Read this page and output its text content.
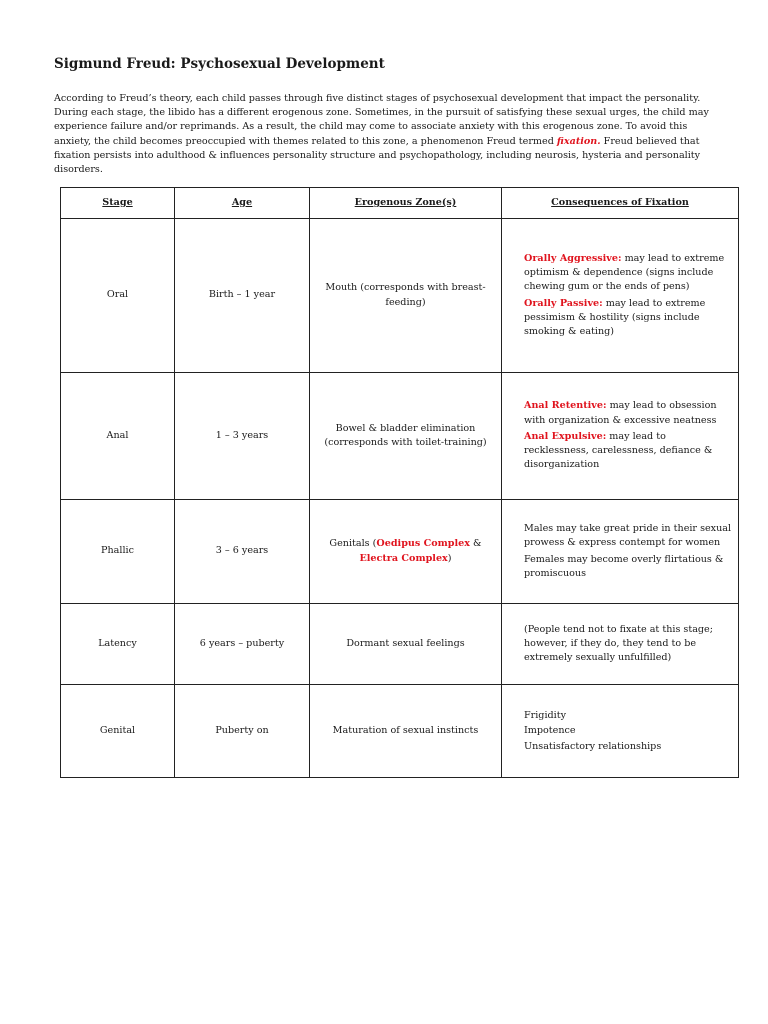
Sigmund Freud: Psychosexual Development

According to Freud’s theory, each child passes through five distinct stages of psychosexual development that impact the personality. During each stage, the libido has a different erogenous zone. Sometimes, in the pursuit of satisfying these sexual urges, the child may experience failure and/or reprimands. As a result, the child may come to associate anxiety with this erogenous zone. To avoid this anxiety, the child becomes preoccupied with themes related to this zone, a phenomenon Freud termed fixation. Freud believed that fixation persists into adulthood & influences personality structure and psychopathology, including neurosis, hysteria and personality disorders.

Stage	Age	Erogenous Zone(s)	Consequences of Fixation
Oral	Birth – 1 year	Mouth (corresponds with breast-feeding)	Orally Aggressive: may lead to extreme optimism & dependence (signs include chewing gum or the ends of pens)
Orally Passive: may lead to extreme pessimism & hostility (signs include smoking & eating)

Anal	1 – 3 years	Bowel & bladder elimination (corresponds with toilet-training)	Anal Retentive: may lead to obsession with organization & excessive neatness
Anal Expulsive: may lead to recklessness, carelessness, defiance & disorganization

Phallic	3 – 6 years	Genitals (Oedipus Complex & Electra Complex)	Males may take great pride in their sexual prowess & express contempt for women
Females may become overly flirtatious & promiscuous

Latency	6 years – puberty	Dormant sexual feelings	(People tend not to fixate at this stage; however, if they do, they tend to be extremely sexually unfulfilled)
Genital	Puberty on	Maturation of sexual instincts	Frigidity
Impotence
Unsatisfactory relationships
